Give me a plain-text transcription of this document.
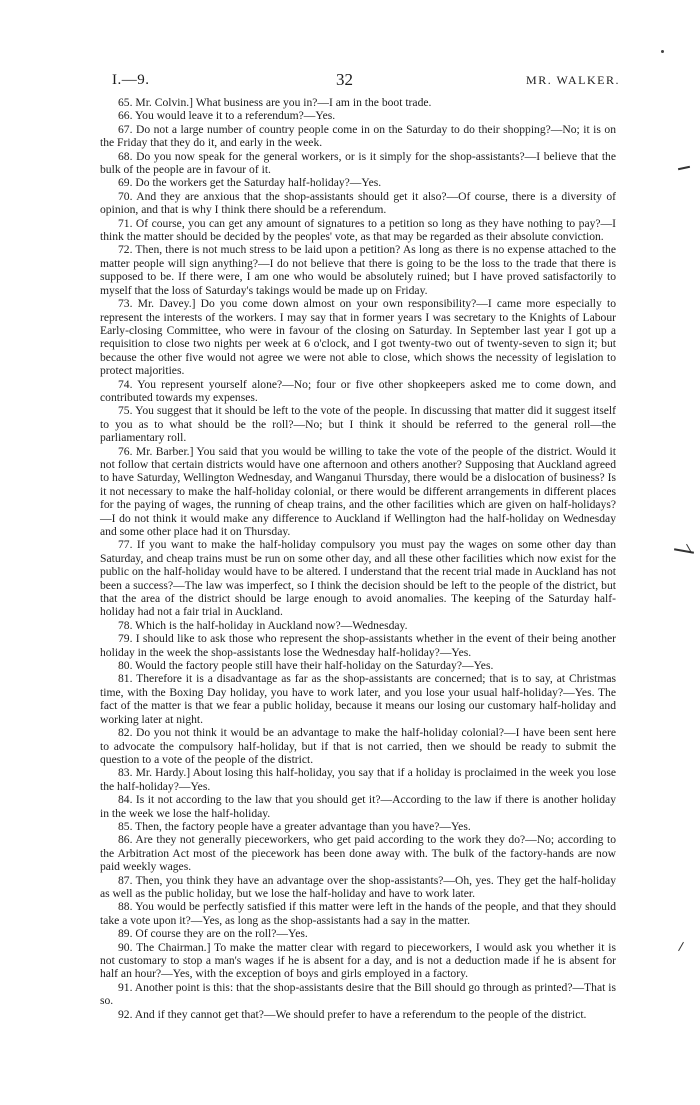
I.—9.	32	MR. WALKER.

65. Mr. Colvin.] What business are you in?—I am in the boot trade.

66. You would leave it to a referendum?—Yes.

67. Do not a large number of country people come in on the Saturday to do their shopping?—No; it is on the Friday that they do it, and early in the week.

68. Do you now speak for the general workers, or is it simply for the shop-assistants?—I believe that the bulk of the people are in favour of it.

69. Do the workers get the Saturday half-holiday?—Yes.

70. And they are anxious that the shop-assistants should get it also?—Of course, there is a diversity of opinion, and that is why I think there should be a referendum.

71. Of course, you can get any amount of signatures to a petition so long as they have nothing to pay?—I think the matter should be decided by the peoples' vote, as that may be regarded as their absolute conviction.

72. Then, there is not much stress to be laid upon a petition? As long as there is no expense attached to the matter people will sign anything?—I do not believe that there is going to be the loss to the trade that there is supposed to be. If there were, I am one who would be absolutely ruined; but I have proved satisfactorily to myself that the loss of Saturday's takings would be made up on Friday.

73. Mr. Davey.] Do you come down almost on your own responsibility?—I came more especially to represent the interests of the workers. I may say that in former years I was secretary to the Knights of Labour Early-closing Committee, who were in favour of the closing on Saturday. In September last year I got up a requisition to close two nights per week at 6 o'clock, and I got twenty-two out of twenty-seven to sign it; but because the other five would not agree we were not able to close, which shows the necessity of legislation to protect majorities.

74. You represent yourself alone?—No; four or five other shopkeepers asked me to come down, and contributed towards my expenses.

75. You suggest that it should be left to the vote of the people. In discussing that matter did it suggest itself to you as to what should be the roll?—No; but I think it should be referred to the general roll—the parliamentary roll.

76. Mr. Barber.] You said that you would be willing to take the vote of the people of the district. Would it not follow that certain districts would have one afternoon and others another? Supposing that Auckland agreed to have Saturday, Wellington Wednesday, and Wanganui Thursday, there would be a dislocation of business? Is it not necessary to make the half-holiday colonial, or there would be different arrangements in different places for the paying of wages, the running of cheap trains, and the other facilities which are given on half-holidays?—I do not think it would make any difference to Auckland if Wellington had the half-holiday on Wednesday and some other place had it on Thursday.

77. If you want to make the half-holiday compulsory you must pay the wages on some other day than Saturday, and cheap trains must be run on some other day, and all these other facilities which now exist for the public on the half-holiday would have to be altered. I understand that the recent trial made in Auckland has not been a success?—The law was imperfect, so I think the decision should be left to the people of the district, but that the area of the district should be large enough to avoid anomalies. The keeping of the Saturday half-holiday had not a fair trial in Auckland.

78. Which is the half-holiday in Auckland now?—Wednesday.

79. I should like to ask those who represent the shop-assistants whether in the event of their being another holiday in the week the shop-assistants lose the Wednesday half-holiday?—Yes.

80. Would the factory people still have their half-holiday on the Saturday?—Yes.

81. Therefore it is a disadvantage as far as the shop-assistants are concerned; that is to say, at Christmas time, with the Boxing Day holiday, you have to work later, and you lose your usual half-holiday?—Yes. The fact of the matter is that we fear a public holiday, because it means our losing our customary half-holiday and working later at night.

82. Do you not think it would be an advantage to make the half-holiday colonial?—I have been sent here to advocate the compulsory half-holiday, but if that is not carried, then we should be ready to submit the question to a vote of the people of the district.

83. Mr. Hardy.] About losing this half-holiday, you say that if a holiday is proclaimed in the week you lose the half-holiday?—Yes.

84. Is it not according to the law that you should get it?—According to the law if there is another holiday in the week we lose the half-holiday.

85. Then, the factory people have a greater advantage than you have?—Yes.

86. Are they not generally pieceworkers, who get paid according to the work they do?—No; according to the Arbitration Act most of the piecework has been done away with. The bulk of the factory-hands are now paid weekly wages.

87. Then, you think they have an advantage over the shop-assistants?—Oh, yes. They get the half-holiday as well as the public holiday, but we lose the half-holiday and have to work later.

88. You would be perfectly satisfied if this matter were left in the hands of the people, and that they should take a vote upon it?—Yes, as long as the shop-assistants had a say in the matter.

89. Of course they are on the roll?—Yes.

90. The Chairman.] To make the matter clear with regard to pieceworkers, I would ask you whether it is not customary to stop a man's wages if he is absent for a day, and is not a deduction made if he is absent for half an hour?—Yes, with the exception of boys and girls employed in a factory.

91. Another point is this: that the shop-assistants desire that the Bill should go through as printed?—That is so.

92. And if they cannot get that?—We should prefer to have a referendum to the people of the district.
